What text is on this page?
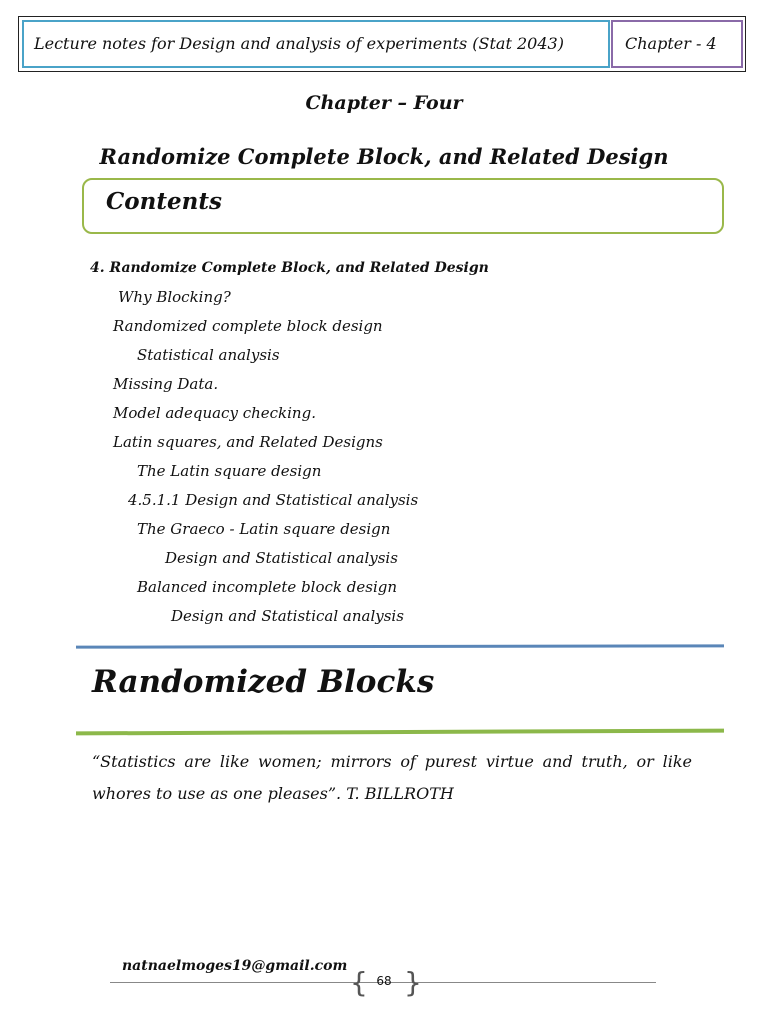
Lecture notes for Design and analysis of experiments (Stat 2043)	Chapter - 4
Chapter – Four
Randomize Complete Block, and Related Design
Contents
4. Randomize Complete Block, and Related Design
Why Blocking?
Randomized complete block design
Statistical analysis
Missing Data.
Model adequacy checking.
Latin squares, and Related Designs
The Latin square design
4.5.1.1 Design and Statistical analysis
The Graeco - Latin square design
Design and Statistical analysis
Balanced incomplete block design
Design and Statistical analysis
Randomized Blocks
“Statistics are like women; mirrors of purest virtue and truth, or like whores to use as one pleases”. T. BILLROTH
natnaelmoges19@gmail.com { }
68
